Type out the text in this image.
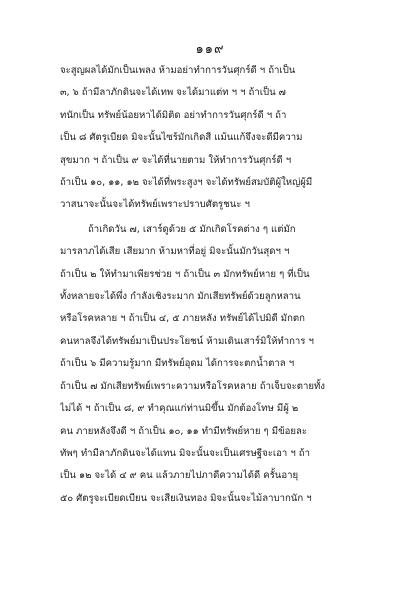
๑๑๙
จะสูญผลได้มักเป็นเพลง ห้ามอย่าทำการวันศุกร์ดี ฯ ถ้าเป็น
๓, ๖ ถ้ามีลาภักดินจะได้เทพ จะได้มาแต่ท ฯ ฯ ถ้าเป็น ๗
ทนักเป็น ทรัพย์น้อยหาได้มิติด อย่าทำการวันศุกร์ดี ฯ ถ้า
เป็น ๘ ศัตรูเบียด มิจะนั้นไซร้มักเกิดสี แม้นแก้จึงจะดีมีความ
สุขมาก ฯ ถ้าเป็น ๙ จะได้ที่นายตาม ให้ทำการวันศุกร์ดี ฯ
ถ้าเป็น ๑๐, ๑๑, ๑๒ จะได้ที่พระสูงฯ จะได้ทรัพย์สมบัติผู้ใหญ่ผู้มี
วาสนาจะนั้นจะได้ทรัพย์เพราะปราบศัตรูชนะ ฯ
ถ้าเกิดวัน ๗, เสาร์ดูด้วย ๕ มักเกิดโรคต่าง ๆ แต่มัก
มารลาภได้เสีย เสียมาก ห้ามหาที่อยู่ มิจะนั้นมักวันสุดฯ ฯ
ถ้าเป็น ๒ ให้ทำมาเพียรช่วย ฯ ถ้าเป็น ๓ มักทรัพย์หาย ๆ ที่เป็น
ทั้งหลายจะได้พึ่ง กำลังเชิงระมาก มักเสียทรัพย์ด้วยลูกหลาน
หรือโรคหลาย ฯ ถ้าเป็น ๔, ๕ ภายหลัง ทรัพย์ได้ไปมิดี มักตก
คนหาลจึงได้ทรัพย์มาเป็นประโยชน์ ห้ามเดินเสาร์มิให้ทำการ ฯ
ถ้าเป็น ๖ มีความรู้มาก มีทรัพย์อุดม ได้การจะตกน้ำตาล ฯ
ถ้าเป็น ๗ มักเสียทรัพย์เพราะความหรือโรคหลาย ถ้าเจ็บจะตายทั้ง
ไม่ได้ ฯ ถ้าเป็น ๘, ๙ ทำคุณแก่ท่านมิขึ้น มักต้องโทษ มีผู้ ๒
คน ภายหลังจึงดี ฯ ถ้าเป็น ๑๐, ๑๑ ทำมีทรัพย์หาย ๆ มีข้อยละ
ทัพๆ ทำมีลาภักดินจะได้แทน มิจะนั้นจะเป็นเศรษฐีจะเอา ฯ ถ้า
เป็น ๑๒ จะได้ ๔ ๙ คน แล้วภายไปภาดีความได้ดี ครั้นอายุ
๕๐ ศัตรูจะเบียดเบียน จะเสียเงินทอง มิจะนั้นจะไม้ลาบากนัก ฯ
